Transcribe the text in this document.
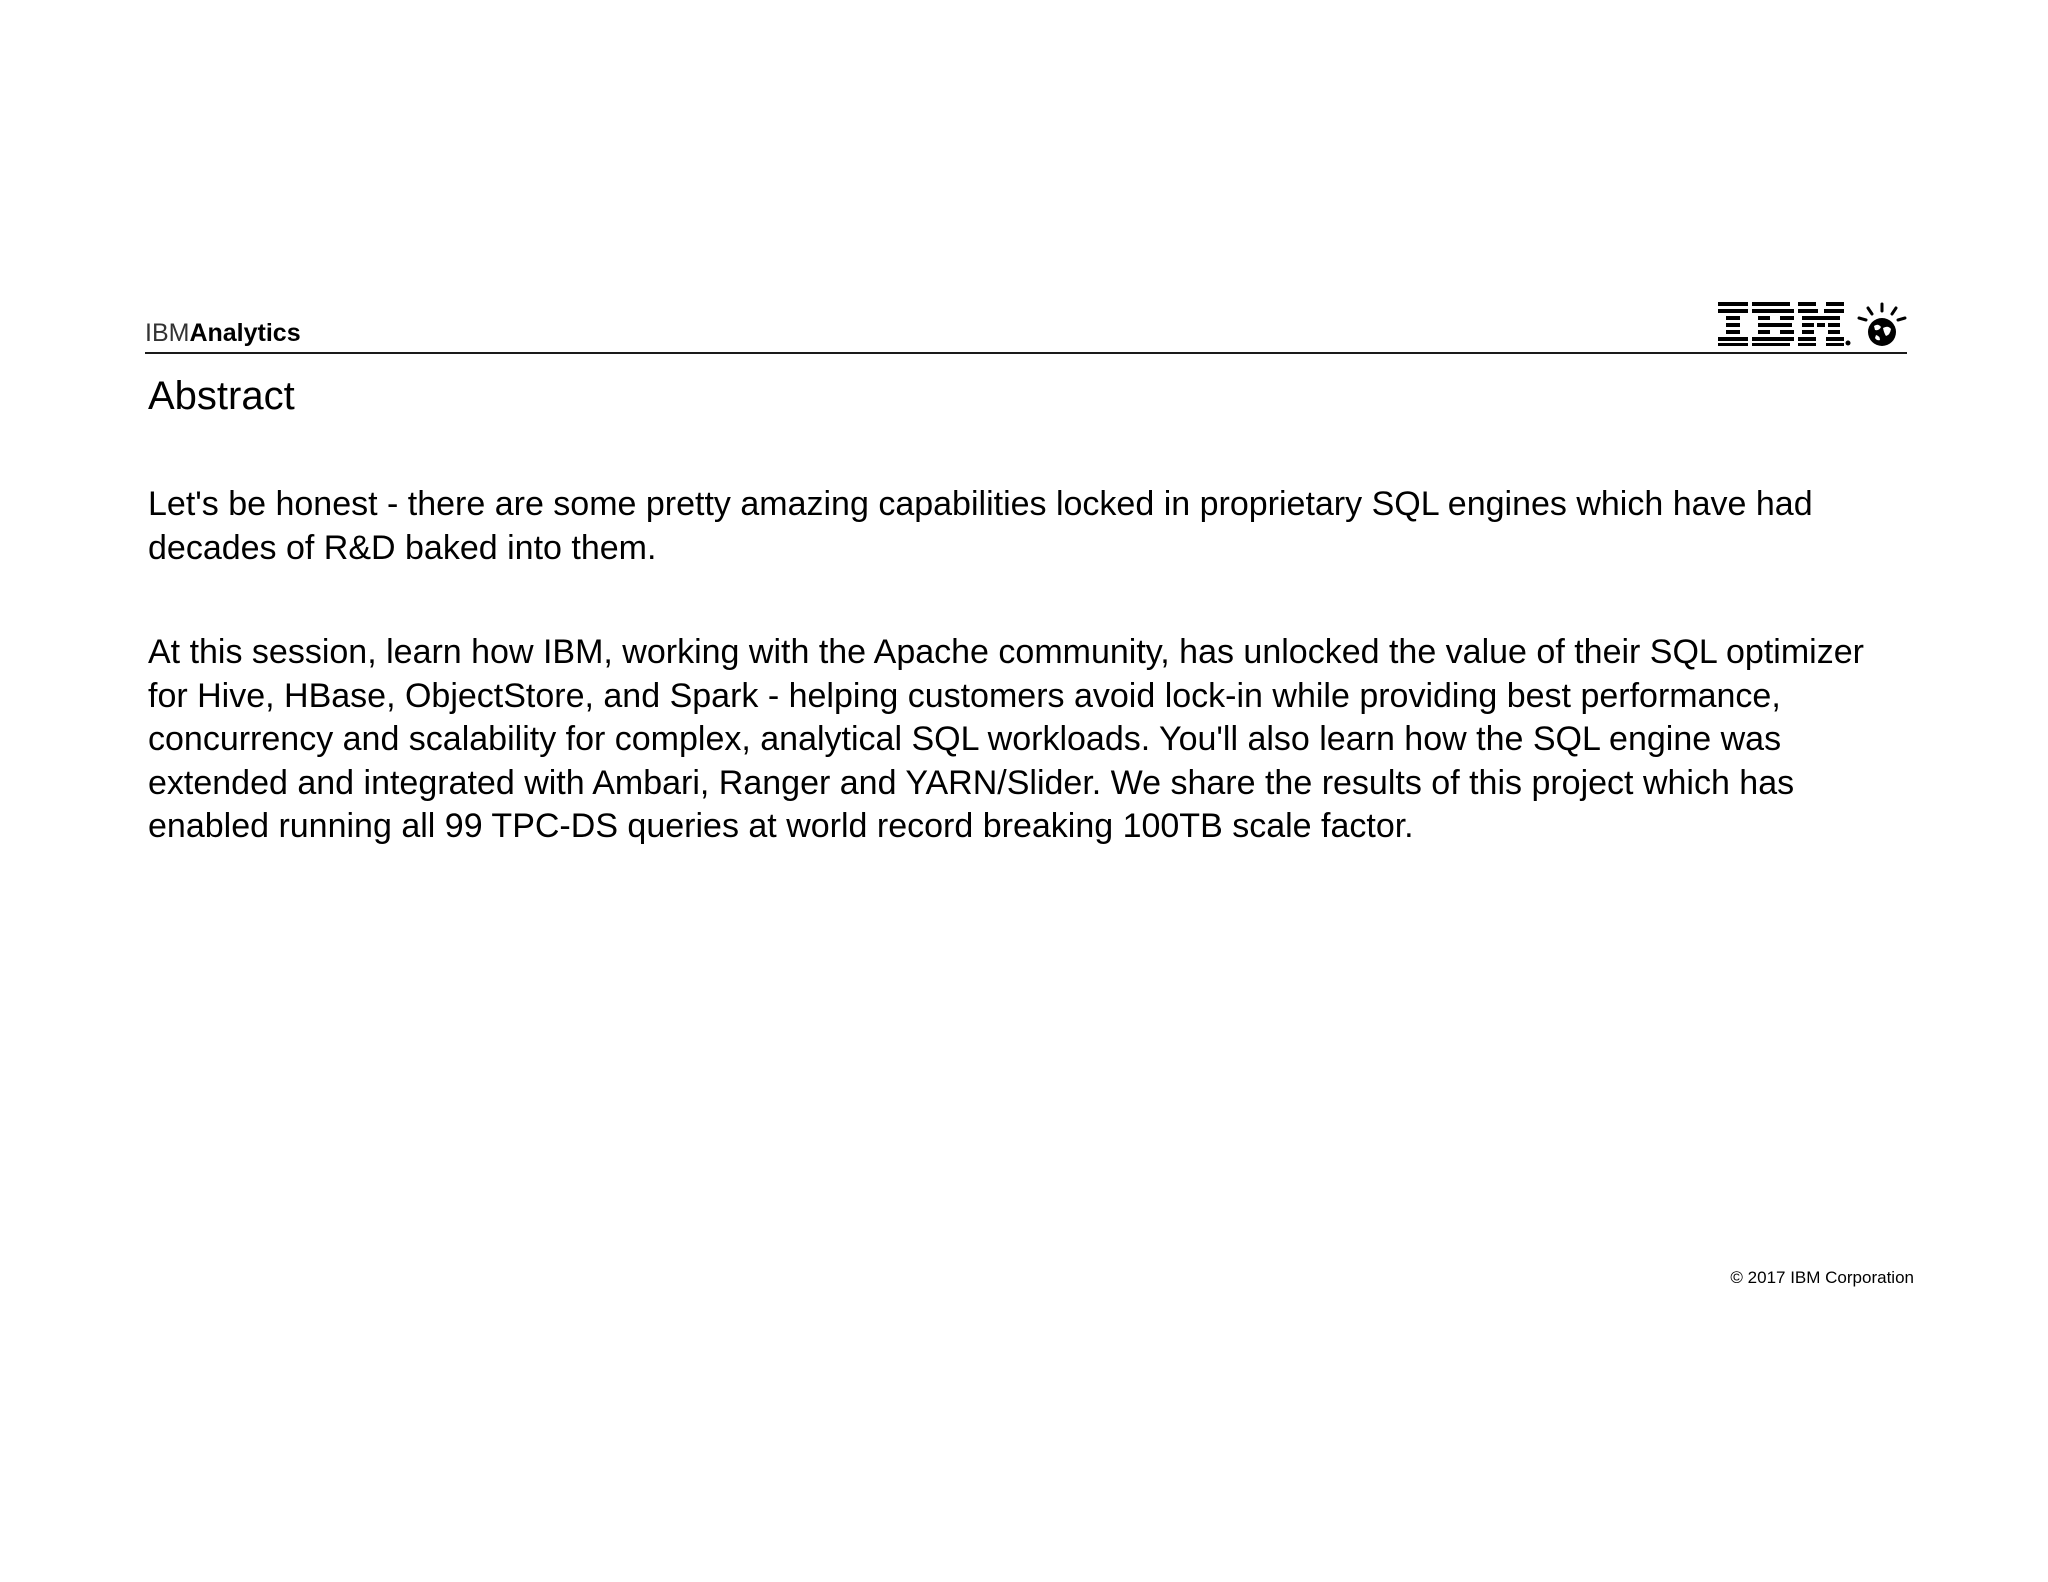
IBMAnalytics
Abstract

Let's be honest - there are some pretty amazing capabilities locked in proprietary SQL engines which have had decades of R&D baked into them.

At this session, learn how IBM, working with the Apache community, has unlocked the value of their SQL optimizer for Hive, HBase, ObjectStore, and Spark - helping customers avoid lock-in while providing best performance, concurrency and scalability for complex, analytical SQL workloads. You'll also learn how the SQL engine was extended and integrated with Ambari, Ranger and YARN/Slider. We share the results of this project which has enabled running all 99 TPC-DS queries at world record breaking 100TB scale factor.

© 2017 IBM Corporation
